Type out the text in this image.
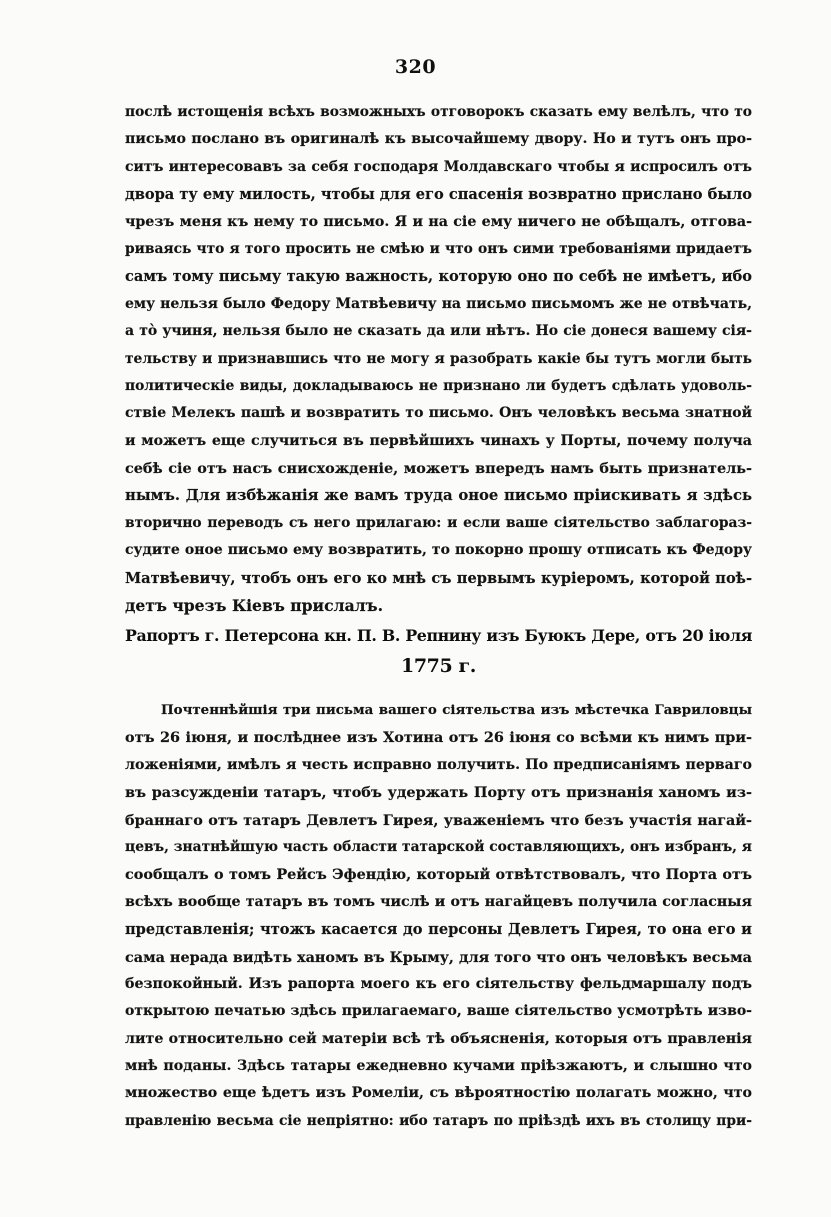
320
послѣ истощенія всѣхъ возможныхъ отговорокъ сказать ему велѣлъ, что то
письмо послано въ оригиналѣ къ высочайшему двору. Но и тутъ онъ про-
ситъ интересовавъ за себя господаря Молдавскаго чтобы я испросилъ отъ
двора ту ему милость, чтобы для его спасенія возвратно прислано было
чрезъ меня къ нему то письмо. Я и на сіе ему ничего не обѣщалъ, отгова-
риваясь что я того просить не смѣю и что онъ сими требованіями придаетъ
самъ тому письму такую важность, которую оно по себѣ не имѣетъ, ибо
ему нельзя было Федору Матвѣевичу на письмо письмомъ же не отвѣчать,
а тò учиня, нельзя было не сказать да или нѣтъ. Но сіе донеся вашему сія-
тельству и признавшись что не могу я разобрать какіе бы тутъ могли быть
политическіе виды, докладываюсь не признано ли будетъ сдѣлать удоволь-
ствіе Мелекъ пашѣ и возвратить то письмо. Онъ человѣкъ весьма знатной
и можетъ еще случиться въ первѣйшихъ чинахъ у Порты, почему получа
себѣ сіе отъ насъ снисхожденіе, можетъ впередъ намъ быть признатель-
нымъ. Для избѣжанія же вамъ труда оное письмо пріискивать я здѣсь
вторично переводъ съ него прилагаю: и если ваше сіятельство заблагораз-
судите оное письмо ему возвратить, то покорно прошу отписать къ Федору
Матвѣевичу, чтобъ онъ его ко мнѣ съ первымъ куріеромъ, которой поѣ-
детъ чрезъ Кіевъ прислалъ.
Рапортъ г. Петерсона кн. П. В. Репнину изъ Буюкъ Дере, отъ 20 іюля
1775 г.
Почтеннѣйшія три письма вашего сіятельства изъ мѣстечка Гавриловцы
отъ 26 іюня, и послѣднее изъ Хотина отъ 26 іюня со всѣми къ нимъ при-
ложеніями, имѣлъ я честь исправно получить. По предписаніямъ перваго
въ разсужденіи татаръ, чтобъ удержать Порту отъ признанія ханомъ из-
браннаго отъ татаръ Девлетъ Гирея, уваженіемъ что безъ участія нагай-
цевъ, знатнѣйшую часть области татарской составляющихъ, онъ избранъ, я
сообщалъ о томъ Рейсъ Эфендію, который отвѣтствовалъ, что Порта отъ
всѣхъ вообще татаръ въ томъ числѣ и отъ нагайцевъ получила согласныя
представленія; чтожъ касается до персоны Девлетъ Гирея, то она его и
сама нерада видѣть ханомъ въ Крыму, для того что онъ человѣкъ весьма
безпокойный. Изъ рапорта моего къ его сіятельству фельдмаршалу подъ
открытою печатью здѣсь прилагаемаго, ваше сіятельство усмотрѣть изво-
лите относительно сей матеріи всѣ тѣ объясненія, которыя отъ правленія
мнѣ поданы. Здѣсь татары ежедневно кучами пріѣзжаютъ, и слышно что
множество еще ѣдетъ изъ Ромеліи, съ вѣроятностію полагать можно, что
правленію весьма сіе непріятно: ибо татаръ по пріѣздѣ ихъ въ столицу при-
